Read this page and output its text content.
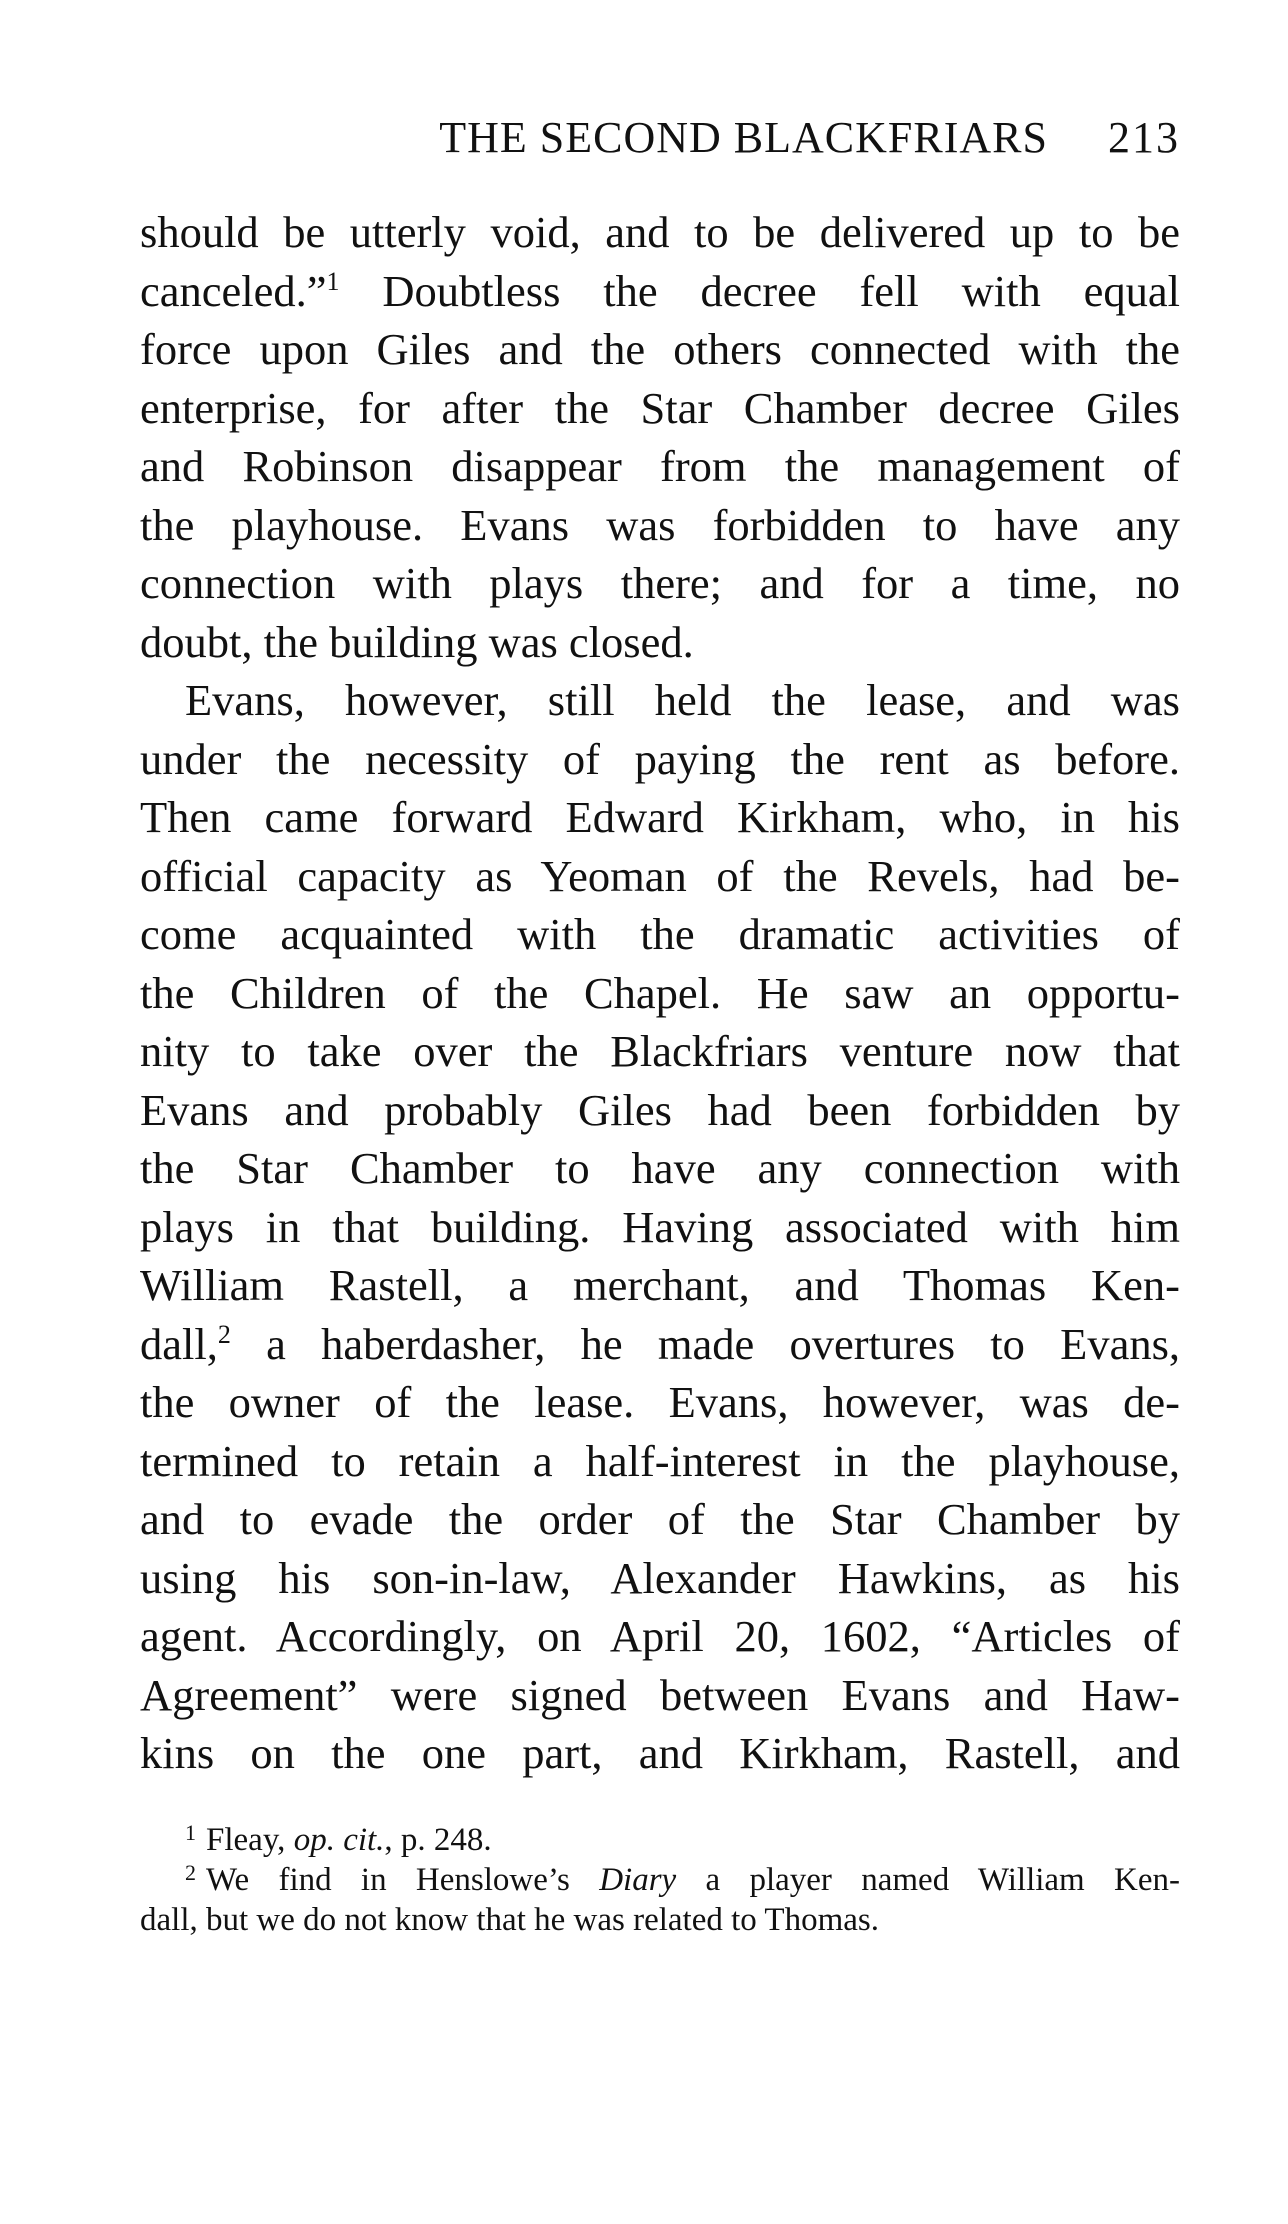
THE SECOND BLACKFRIARS 213
should be utterly void, and to be delivered up to be
canceled.”$^1$ Doubtless the decree fell with equal
force upon Giles and the others connected with the
enterprise, for after the Star Chamber decree Giles
and Robinson disappear from the management of
the playhouse. Evans was forbidden to have any
connection with plays there; and for a time, no
doubt, the building was closed.
Evans, however, still held the lease, and was
under the necessity of paying the rent as before.
Then came forward Edward Kirkham, who, in his
official capacity as Yeoman of the Revels, had be-
come acquainted with the dramatic activities of
the Children of the Chapel. He saw an opportu-
nity to take over the Blackfriars venture now that
Evans and probably Giles had been forbidden by
the Star Chamber to have any connection with
plays in that building. Having associated with him
William Rastell, a merchant, and Thomas Ken-
dall,$^2$ a haberdasher, he made overtures to Evans,
the owner of the lease. Evans, however, was de-
termined to retain a half-interest in the playhouse,
and to evade the order of the Star Chamber by
using his son-in-law, Alexander Hawkins, as his
agent. Accordingly, on April 20, 1602, “Articles of
Agreement” were signed between Evans and Haw-
kins on the one part, and Kirkham, Rastell, and
$^1$ Fleay, op. cit., p. 248.
$^2$ We find in Henslowe’s Diary a player named William Ken-
dall, but we do not know that he was related to Thomas.
